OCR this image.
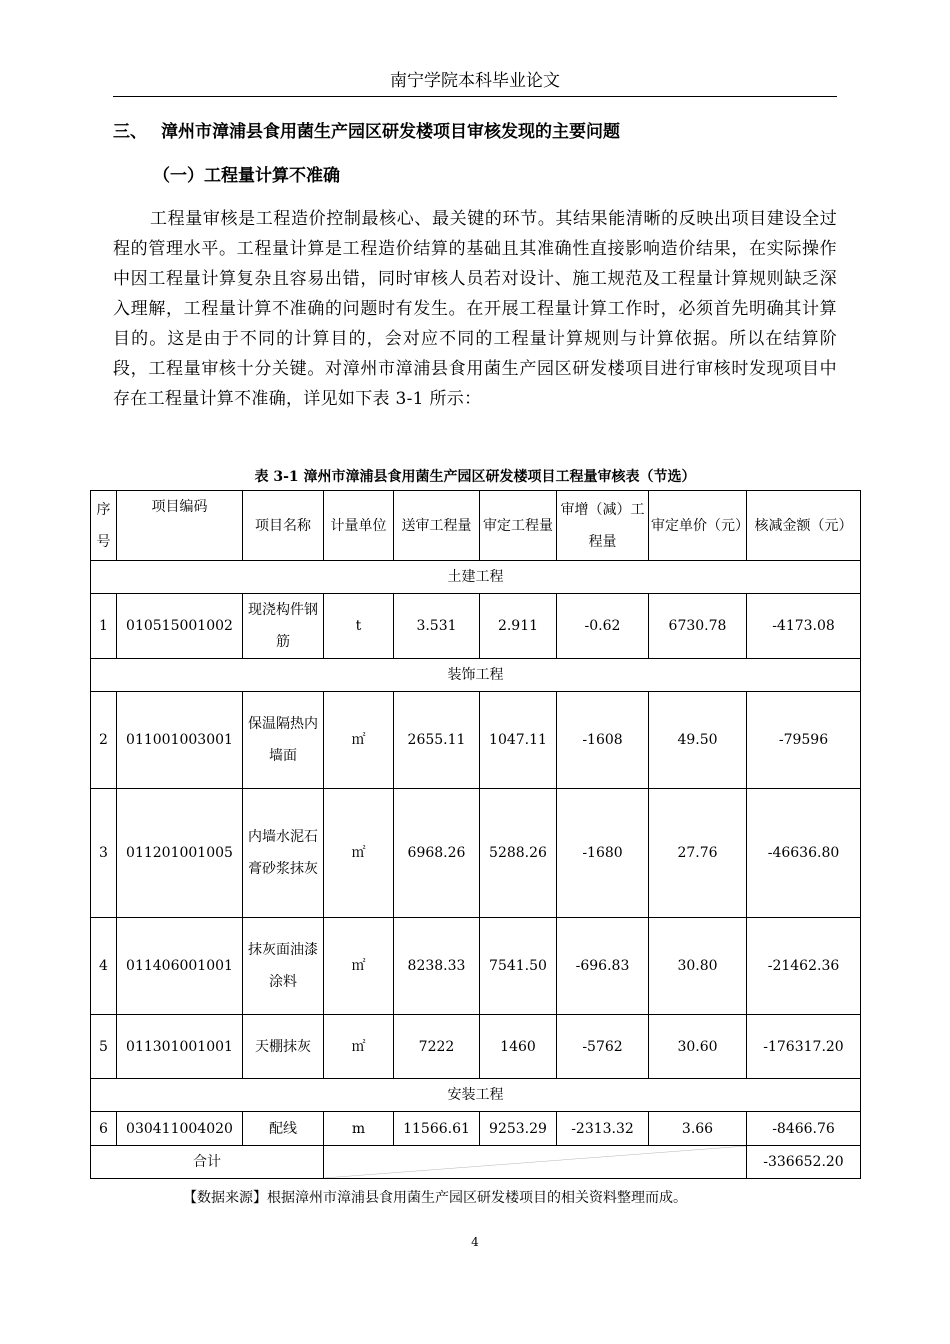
南宁学院本科毕业论文
三、 漳州市漳浦县食用菌生产园区研发楼项目审核发现的主要问题
（一）工程量计算不准确

工程量审核是工程造价控制最核心、最关键的环节。其结果能清晰的反映出项目建设全过程的管理水平。工程量计算是工程造价结算的基础且其准确性直接影响造价结果，在实际操作中因工程量计算复杂且容易出错，同时审核人员若对设计、施工规范及工程量计算规则缺乏深入理解，工程量计算不准确的问题时有发生。在开展工程量计算工作时，必须首先明确其计算目的。这是由于不同的计算目的，会对应不同的工程量计算规则与计算依据。所以在结算阶段，工程量审核十分关键。对漳州市漳浦县食用菌生产园区研发楼项目进行审核时发现项目中存在工程量计算不准确，详见如下表 3-1 所示：

表 3-1 漳州市漳浦县食用菌生产园区研发楼项目工程量审核表（节选）
序号	项目编码	项目名称	计量单位	送审工程量	审定工程量	审增（减）工程量	审定单价（元）	核减金额（元）
土建工程								
1	010515001002	现浇构件钢筋	t	3.531	2.911	-0.62	6730.78	-4173.08
装饰工程								
2	011001003001	保温隔热内墙面	㎡	2655.11	1047.11	-1608	49.50	-79596
3	011201001005	内墙水泥石膏砂浆抹灰	㎡	6968.26	5288.26	-1680	27.76	-46636.80
4	011406001001	抹灰面油漆涂料	㎡	8238.33	7541.50	-696.83	30.80	-21462.36
5	011301001001	天棚抹灰	㎡	7222	1460	-5762	30.60	-176317.20
安装工程								
6	030411004020	配线	m	11566.61	9253.29	-2313.32	3.66	-8466.76
合计								-336652.20
【数据来源】根据漳州市漳浦县食用菌生产园区研发楼项目的相关资料整理而成。
4
